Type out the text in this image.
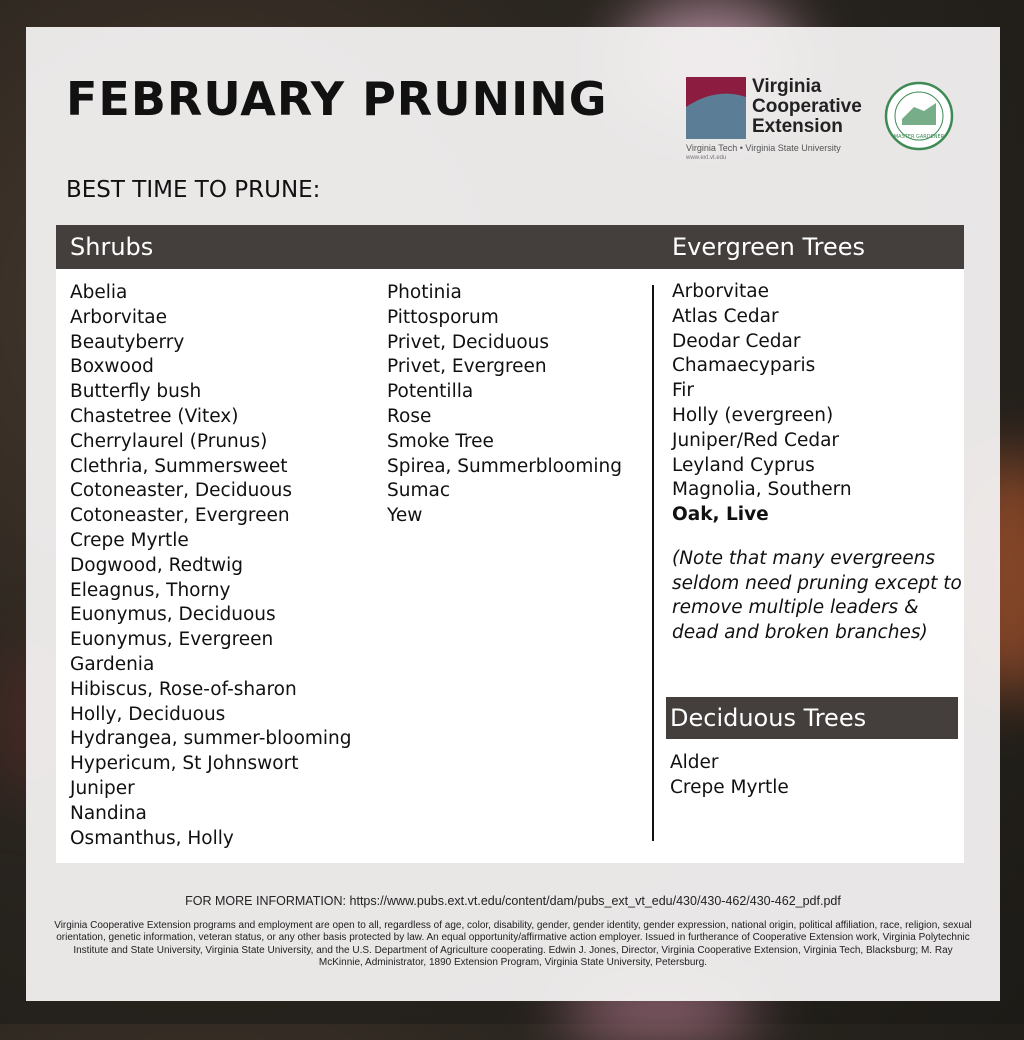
FEBRUARY PRUNING	Virginia
Cooperative
Extension
Virginia Tech • Virginia State University
www.ext.vt.edu
MASTER GARDENER
BEST TIME TO PRUNE:
Shrubs	Evergreen Trees
Abelia
Arborvitae
Beautyberry
Boxwood
Butterfly bush
Chastetree (Vitex)
Cherrylaurel (Prunus)
Clethria, Summersweet
Cotoneaster, Deciduous
Cotoneaster, Evergreen
Crepe Myrtle
Dogwood, Redtwig
Eleagnus, Thorny
Euonymus, Deciduous
Euonymus, Evergreen
Gardenia
Hibiscus, Rose-of-sharon
Holly, Deciduous
Hydrangea, summer-blooming
Hypericum, St Johnswort
Juniper
Nandina
Osmanthus, Holly
Photinia
Pittosporum
Privet, Deciduous
Privet, Evergreen
Potentilla
Rose
Smoke Tree
Spirea, Summerblooming
Sumac
Yew
Arborvitae
Atlas Cedar
Deodar Cedar
Chamaecyparis
Fir
Holly (evergreen)
Juniper/Red Cedar
Leyland Cyprus
Magnolia, Southern
Oak, Live

(Note that many evergreens seldom need pruning except to remove multiple leaders & dead and broken branches)

Deciduous Trees
Alder
Crepe Myrtle
FOR MORE INFORMATION: https://www.pubs.ext.vt.edu/content/dam/pubs_ext_vt_edu/430/430-462/430-462_pdf.pdf

Virginia Cooperative Extension programs and employment are open to all, regardless of age, color, disability, gender, gender identity, gender expression, national origin, political affiliation, race, religion, sexual orientation, genetic information, veteran status, or any other basis protected by law. An equal opportunity/affirmative action employer. Issued in furtherance of Cooperative Extension work, Virginia Polytechnic Institute and State University, Virginia State University, and the U.S. Department of Agriculture cooperating. Edwin J. Jones, Director, Virginia Cooperative Extension, Virginia Tech, Blacksburg; M. Ray McKinnie, Administrator, 1890 Extension Program, Virginia State University, Petersburg.
